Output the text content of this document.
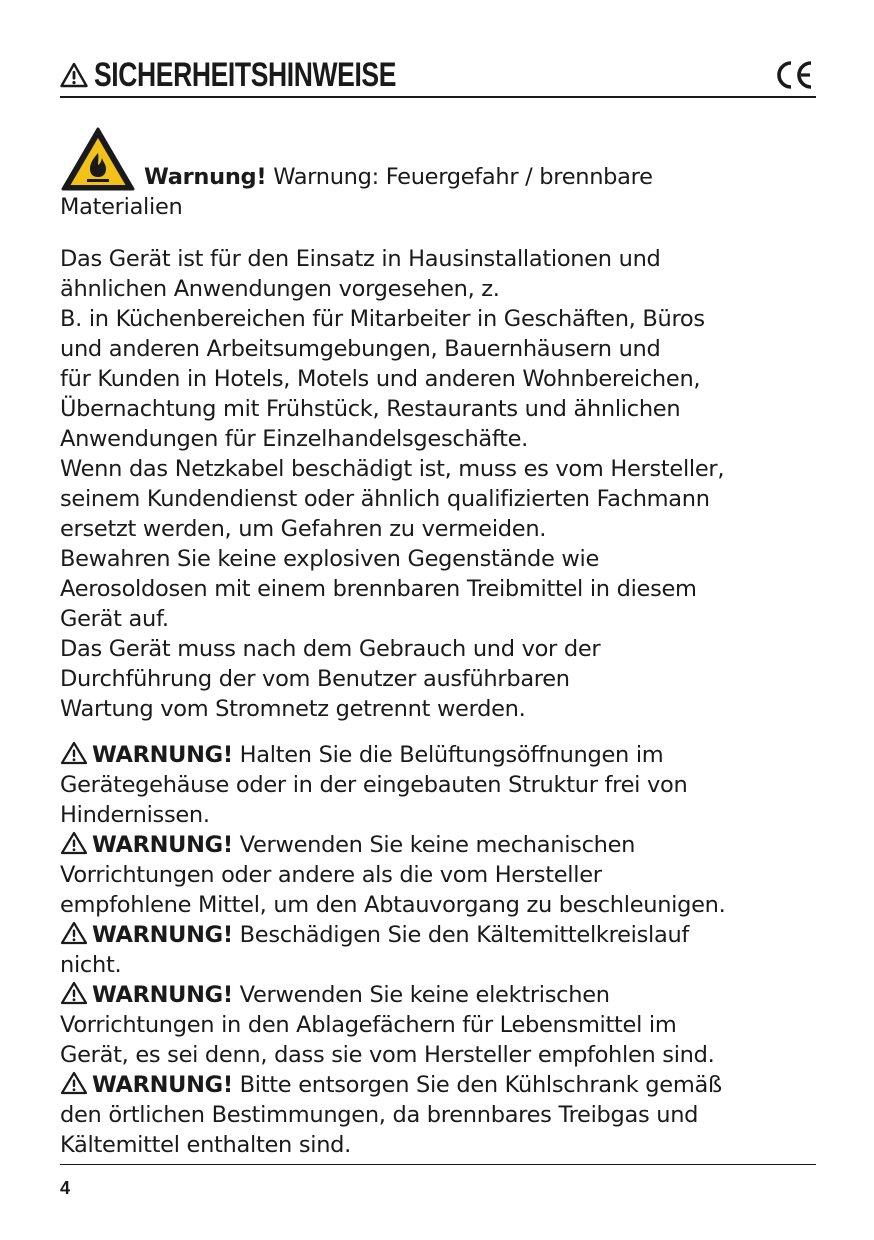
SICHERHEITSHINWEISE
Warnung! Warnung: Feuergefahr / brennbare
Materialien
Das Gerät ist für den Einsatz in Hausinstallationen und
ähnlichen Anwendungen vorgesehen, z.
B. in Küchenbereichen für Mitarbeiter in Geschäften, Büros
und anderen Arbeitsumgebungen, Bauernhäusern und
für Kunden in Hotels, Motels und anderen Wohnbereichen,
Übernachtung mit Frühstück, Restaurants und ähnlichen
Anwendungen für Einzelhandelsgeschäfte.
Wenn das Netzkabel beschädigt ist, muss es vom Hersteller,
seinem Kundendienst oder ähnlich qualifizierten Fachmann
ersetzt werden, um Gefahren zu vermeiden.
Bewahren Sie keine explosiven Gegenstände wie
Aerosoldosen mit einem brennbaren Treibmittel in diesem
Gerät auf.
Das Gerät muss nach dem Gebrauch und vor der
Durchführung der vom Benutzer ausführbaren
Wartung vom Stromnetz getrennt werden.
WARNUNG! Halten Sie die Belüftungsöffnungen im
Gerätegehäuse oder in der eingebauten Struktur frei von
Hindernissen.
WARNUNG! Verwenden Sie keine mechanischen
Vorrichtungen oder andere als die vom Hersteller
empfohlene Mittel, um den Abtauvorgang zu beschleunigen.
WARNUNG! Beschädigen Sie den Kältemittelkreislauf
nicht.
WARNUNG! Verwenden Sie keine elektrischen
Vorrichtungen in den Ablagefächern für Lebensmittel im
Gerät, es sei denn, dass sie vom Hersteller empfohlen sind.
WARNUNG! Bitte entsorgen Sie den Kühlschrank gemäß
den örtlichen Bestimmungen, da brennbares Treibgas und
Kältemittel enthalten sind.
4
